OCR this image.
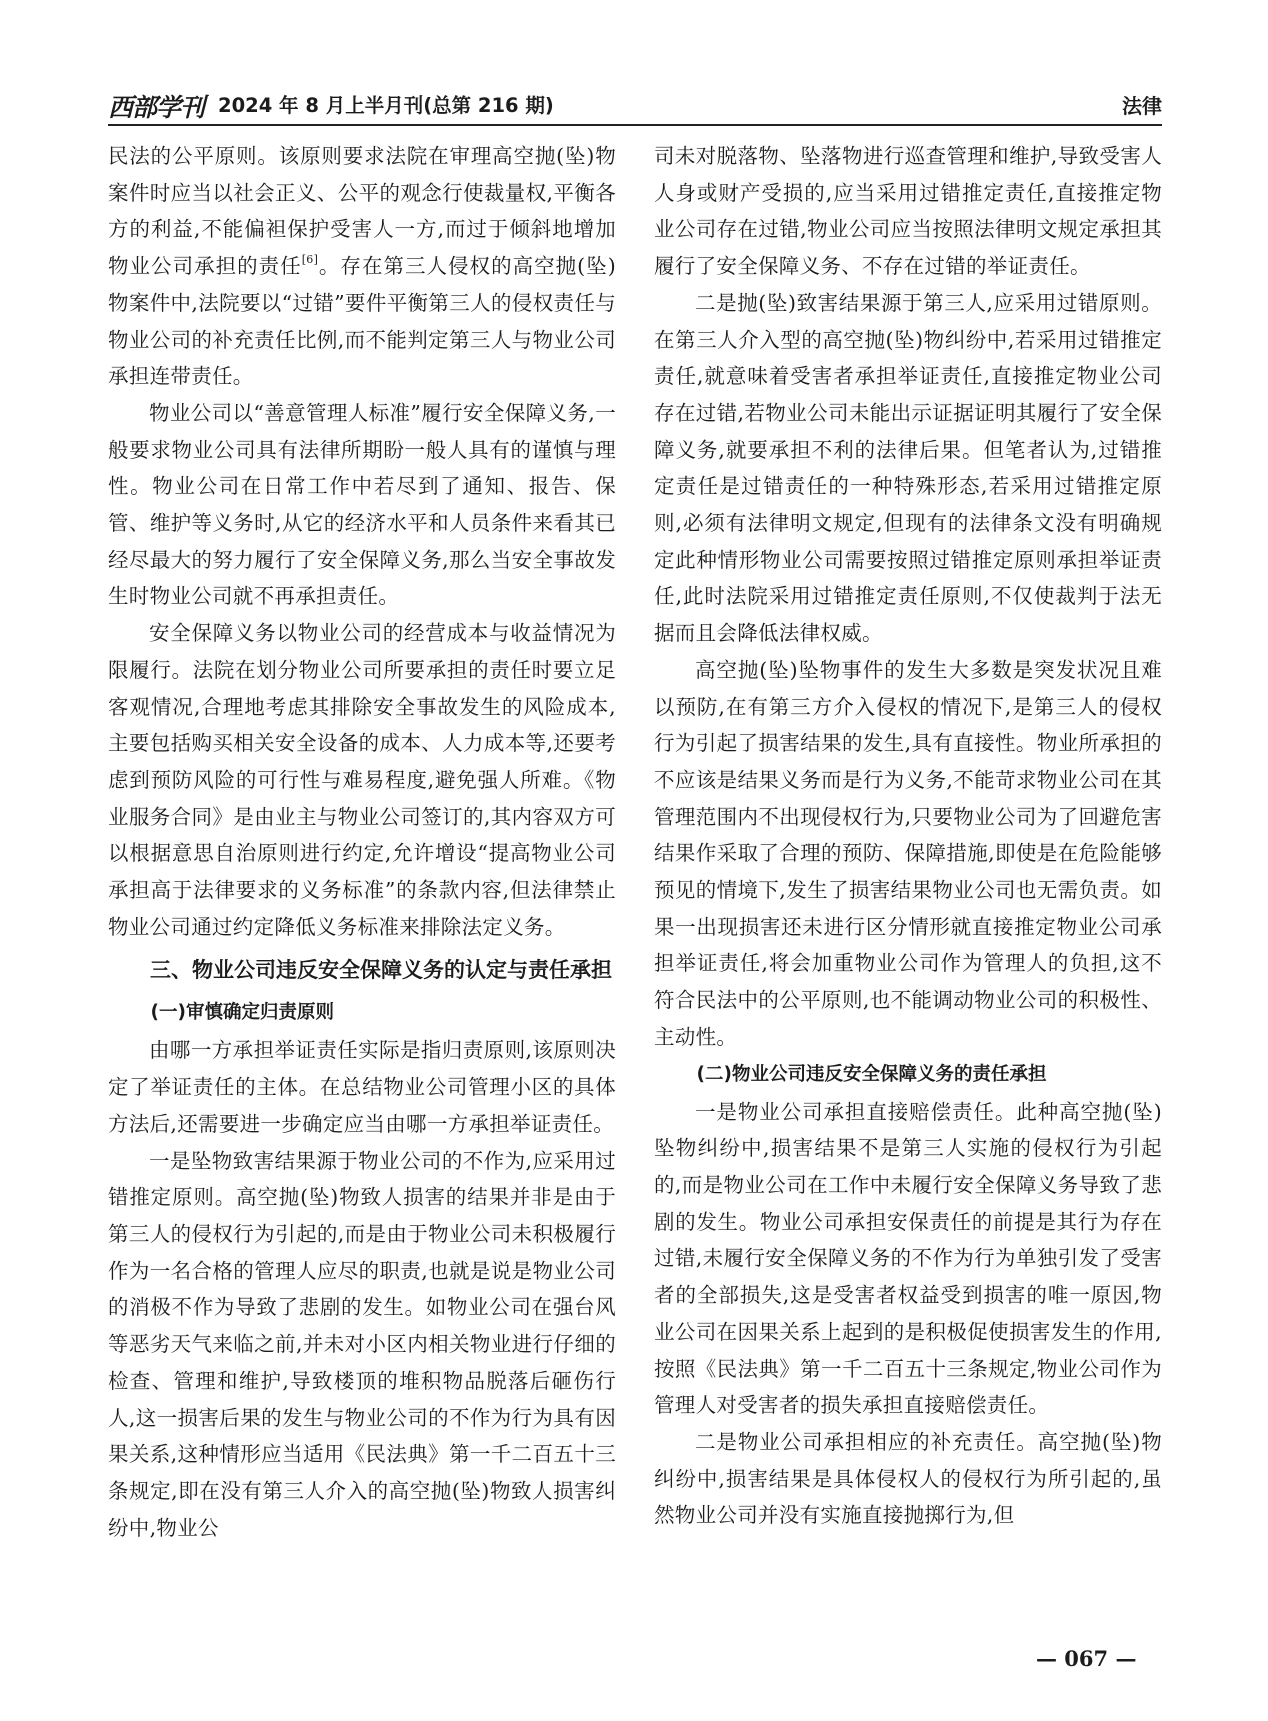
西部学刊 2024 年 8 月上半月刊(总第 216 期)	法律

民法的公平原则。该原则要求法院在审理高空抛(坠)物案件时应当以社会正义、公平的观念行使裁量权,平衡各方的利益,不能偏袒保护受害人一方,而过于倾斜地增加物业公司承担的责任[6]。存在第三人侵权的高空抛(坠)物案件中,法院要以“过错”要件平衡第三人的侵权责任与物业公司的补充责任比例,而不能判定第三人与物业公司承担连带责任。

物业公司以“善意管理人标准”履行安全保障义务,一般要求物业公司具有法律所期盼一般人具有的谨慎与理性。物业公司在日常工作中若尽到了通知、报告、保管、维护等义务时,从它的经济水平和人员条件来看其已经尽最大的努力履行了安全保障义务,那么当安全事故发生时物业公司就不再承担责任。

安全保障义务以物业公司的经营成本与收益情况为限履行。法院在划分物业公司所要承担的责任时要立足客观情况,合理地考虑其排除安全事故发生的风险成本,主要包括购买相关安全设备的成本、人力成本等,还要考虑到预防风险的可行性与难易程度,避免强人所难。《物业服务合同》是由业主与物业公司签订的,其内容双方可以根据意思自治原则进行约定,允许增设“提高物业公司承担高于法律要求的义务标准”的条款内容,但法律禁止物业公司通过约定降低义务标准来排除法定义务。

三、物业公司违反安全保障义务的认定与责任承担
(一)审慎确定归责原则

由哪一方承担举证责任实际是指归责原则,该原则决定了举证责任的主体。在总结物业公司管理小区的具体方法后,还需要进一步确定应当由哪一方承担举证责任。

一是坠物致害结果源于物业公司的不作为,应采用过错推定原则。高空抛(坠)物致人损害的结果并非是由于第三人的侵权行为引起的,而是由于物业公司未积极履行作为一名合格的管理人应尽的职责,也就是说是物业公司的消极不作为导致了悲剧的发生。如物业公司在强台风等恶劣天气来临之前,并未对小区内相关物业进行仔细的检查、管理和维护,导致楼顶的堆积物品脱落后砸伤行人,这一损害后果的发生与物业公司的不作为行为具有因果关系,这种情形应当适用《民法典》第一千二百五十三条规定,即在没有第三人介入的高空抛(坠)物致人损害纠纷中,物业公

司未对脱落物、坠落物进行巡查管理和维护,导致受害人人身或财产受损的,应当采用过错推定责任,直接推定物业公司存在过错,物业公司应当按照法律明文规定承担其履行了安全保障义务、不存在过错的举证责任。

二是抛(坠)致害结果源于第三人,应采用过错原则。在第三人介入型的高空抛(坠)物纠纷中,若采用过错推定责任,就意味着受害者承担举证责任,直接推定物业公司存在过错,若物业公司未能出示证据证明其履行了安全保障义务,就要承担不利的法律后果。但笔者认为,过错推定责任是过错责任的一种特殊形态,若采用过错推定原则,必须有法律明文规定,但现有的法律条文没有明确规定此种情形物业公司需要按照过错推定原则承担举证责任,此时法院采用过错推定责任原则,不仅使裁判于法无据而且会降低法律权威。

高空抛(坠)坠物事件的发生大多数是突发状况且难以预防,在有第三方介入侵权的情况下,是第三人的侵权行为引起了损害结果的发生,具有直接性。物业所承担的不应该是结果义务而是行为义务,不能苛求物业公司在其管理范围内不出现侵权行为,只要物业公司为了回避危害结果作采取了合理的预防、保障措施,即使是在危险能够预见的情境下,发生了损害结果物业公司也无需负责。如果一出现损害还未进行区分情形就直接推定物业公司承担举证责任,将会加重物业公司作为管理人的负担,这不符合民法中的公平原则,也不能调动物业公司的积极性、主动性。

(二)物业公司违反安全保障义务的责任承担

一是物业公司承担直接赔偿责任。此种高空抛(坠)坠物纠纷中,损害结果不是第三人实施的侵权行为引起的,而是物业公司在工作中未履行安全保障义务导致了悲剧的发生。物业公司承担安保责任的前提是其行为存在过错,未履行安全保障义务的不作为行为单独引发了受害者的全部损失,这是受害者权益受到损害的唯一原因,物业公司在因果关系上起到的是积极促使损害发生的作用,按照《民法典》第一千二百五十三条规定,物业公司作为管理人对受害者的损失承担直接赔偿责任。

二是物业公司承担相应的补充责任。高空抛(坠)物纠纷中,损害结果是具体侵权人的侵权行为所引起的,虽然物业公司并没有实施直接抛掷行为,但

— 067 —
